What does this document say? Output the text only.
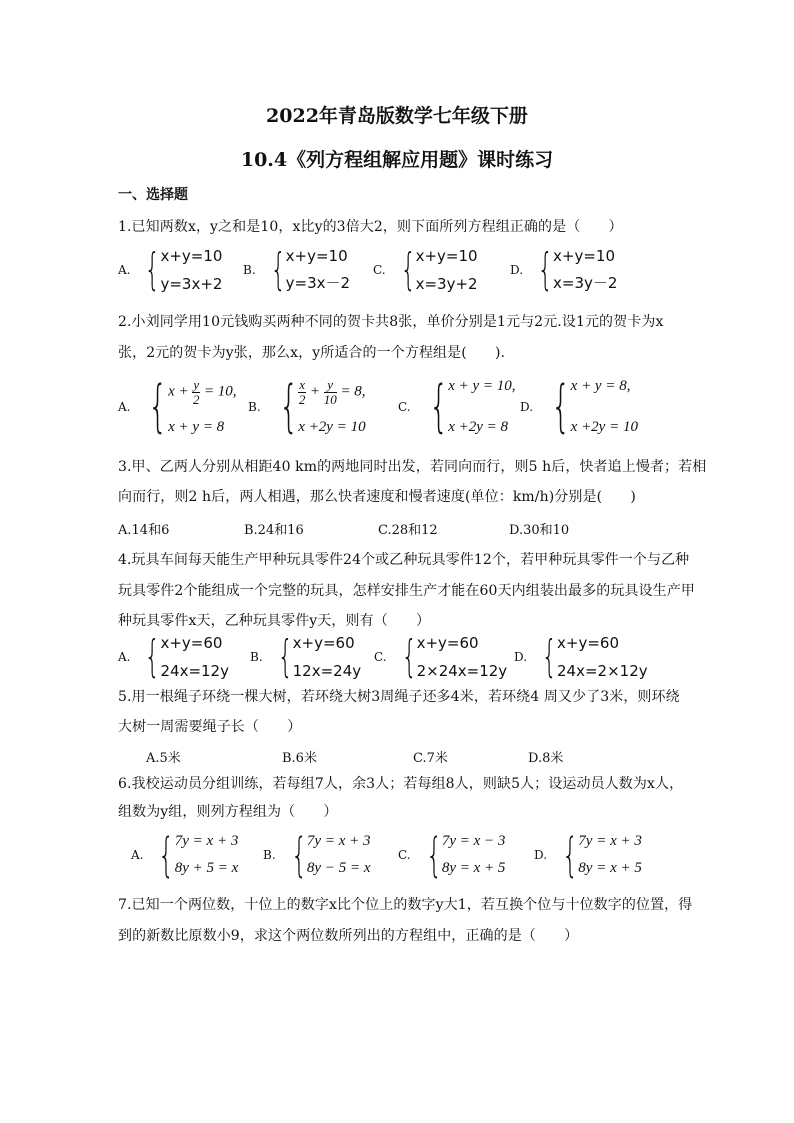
2022年青岛版数学七年级下册
10.4《列方程组解应用题》课时练习
一、选择题
1.已知两数x，y之和是10，x比y的3倍大2，则下面所列方程组正确的是（　　）
A. { x+y=10
y=3x+2
B. { x+y=10
y=3x－2
C. { x+y=10
x=3y+2
D. { x+y=10
x=3y－2
2.小刘同学用10元钱购买两种不同的贺卡共8张，单价分别是1元与2元.设1元的贺卡为x
张，2元的贺卡为y张，那么x，y所适合的一个方程组是(　　).
A. { $x + \frac{y}{2} = 10$,
x + y = 8
B. { $\frac{x}{2} + \frac{y}{10} = 8$,
x +2y = 10
C. { x + y = 10,
x +2y = 8
D. { x + y = 8,
x +2y = 10
3.甲、乙两人分别从相距40 km的两地同时出发，若同向而行，则5 h后，快者追上慢者；若相
向而行，则2 h后，两人相遇，那么快者速度和慢者速度(单位：km/h)分别是(　　)
A.14和6	B.24和16	C.28和12	D.30和10
4.玩具车间每天能生产甲种玩具零件24个或乙种玩具零件12个，若甲种玩具零件一个与乙种
玩具零件2个能组成一个完整的玩具，怎样安排生产才能在60天内组装出最多的玩具设生产甲
种玩具零件x天，乙种玩具零件y天，则有（　　）
A. { x+y=60
24x=12y
B. { x+y=60
12x=24y
C. { x+y=60
2×24x=12y
D. { x+y=60
24x=2×12y
5.用一根绳子环绕一棵大树，若环绕大树3周绳子还多4米，若环绕4 周又少了3米，则环绕
大树一周需要绳子长（　　）
A.5米	B.6米	C.7米	D.8米
6.我校运动员分组训练，若每组7人，余3人；若每组8人，则缺5人；设运动员人数为x人，
组数为y组，则列方程组为（　　）
A. { 7y = x + 3
8y + 5 = x
B. { 7y = x + 3
8y − 5 = x
C. { 7y = x − 3
8y = x + 5
D. { 7y = x + 3
8y = x + 5
7.已知一个两位数，十位上的数字x比个位上的数字y大1，若互换个位与十位数字的位置，得
到的新数比原数小9，求这个两位数所列出的方程组中，正确的是（　　）
